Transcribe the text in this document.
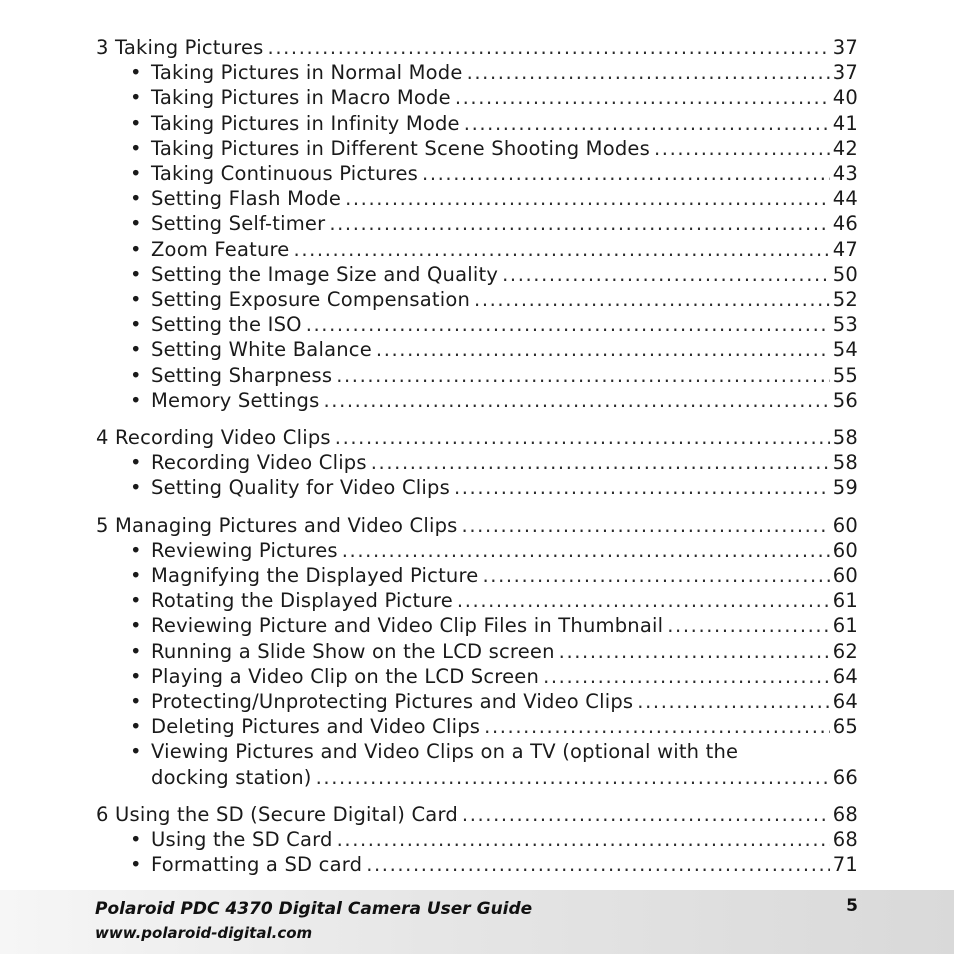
3 Taking Pictures .....	37
• Taking Pictures in Normal Mode .....	37
• Taking Pictures in Macro Mode .....	40
• Taking Pictures in Infinity Mode .....	41
• Taking Pictures in Different Scene Shooting Modes .....	42
• Taking Continuous Pictures .....	43
• Setting Flash Mode .....	44
• Setting Self-timer .....	46
• Zoom Feature .....	47
• Setting the Image Size and Quality .....	50
• Setting Exposure Compensation .....	52
• Setting the ISO .....	53
• Setting White Balance .....	54
• Setting Sharpness .....	55
• Memory Settings .....	56
4 Recording Video Clips .....	58
• Recording Video Clips .....	58
• Setting Quality for Video Clips .....	59
5 Managing Pictures and Video Clips .....	60
• Reviewing Pictures .....	60
• Magnifying the Displayed Picture .....	60
• Rotating the Displayed Picture .....	61
• Reviewing Picture and Video Clip Files in Thumbnail .....	61
• Running a Slide Show on the LCD screen .....	62
• Playing a Video Clip on the LCD Screen .....	64
• Protecting/Unprotecting Pictures and Video Clips .....	64
• Deleting Pictures and Video Clips .....	65
• Viewing Pictures and Video Clips on a TV (optional with the
docking station) .....	66
6 Using the SD (Secure Digital) Card .....	68
• Using the SD Card .....	68
• Formatting a SD card .....	71
Polaroid PDC 4370 Digital Camera User Guide
www.polaroid-digital.com
5
